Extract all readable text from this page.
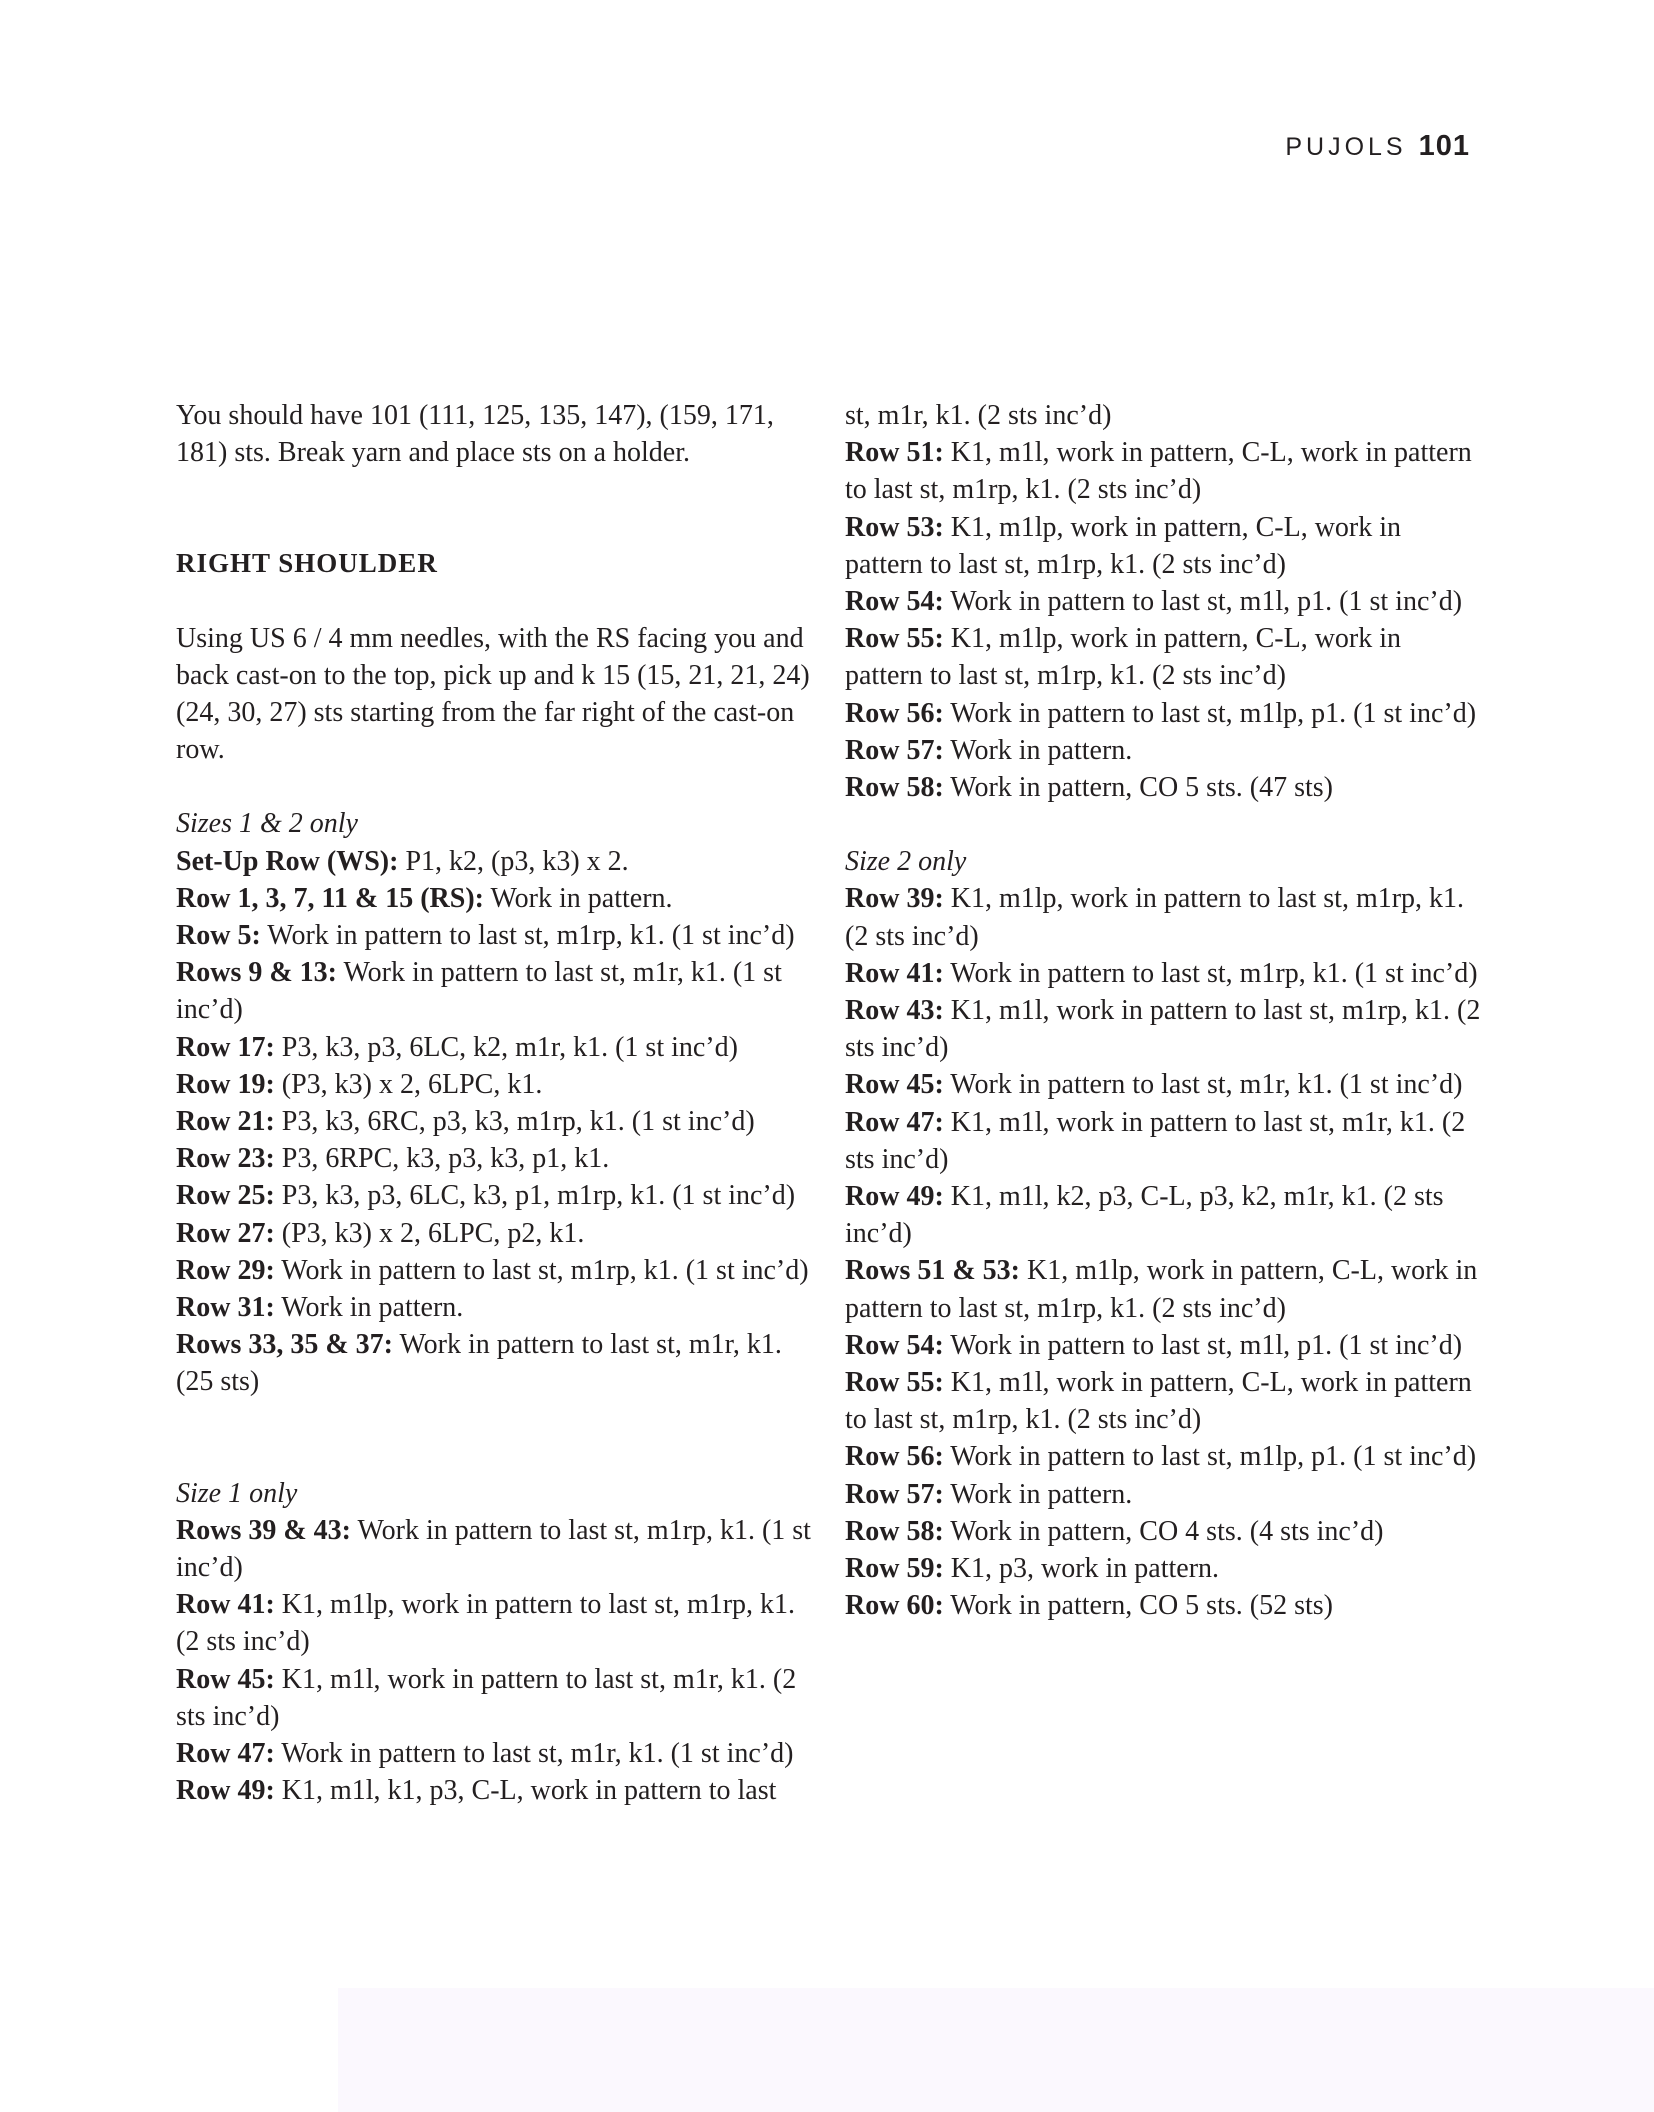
PUJOLS 101

You should have 101 (111, 125, 135, 147), (159, 171, 181) sts. Break yarn and place sts on a holder.

RIGHT SHOULDER

Using US 6 / 4 mm needles, with the RS facing you and back cast-on to the top, pick up and k 15 (15, 21, 21, 24) (24, 30, 27) sts starting from the far right of the cast-on row.

Sizes 1 & 2 only

Set-Up Row (WS): P1, k2, (p3, k3) x 2.

Row 1, 3, 7, 11 & 15 (RS): Work in pattern.

Row 5: Work in pattern to last st, m1rp, k1. (1 st inc’d)

Rows 9 & 13: Work in pattern to last st, m1r, k1. (1 st inc’d)

Row 17: P3, k3, p3, 6LC, k2, m1r, k1. (1 st inc’d)

Row 19: (P3, k3) x 2, 6LPC, k1.

Row 21: P3, k3, 6RC, p3, k3, m1rp, k1. (1 st inc’d)

Row 23: P3, 6RPC, k3, p3, k3, p1, k1.

Row 25: P3, k3, p3, 6LC, k3, p1, m1rp, k1. (1 st inc’d)

Row 27: (P3, k3) x 2, 6LPC, p2, k1.

Row 29: Work in pattern to last st, m1rp, k1. (1 st inc’d)

Row 31: Work in pattern.

Rows 33, 35 & 37: Work in pattern to last st, m1r, k1. (25 sts)

Size 1 only

Rows 39 & 43: Work in pattern to last st, m1rp, k1. (1 st inc’d)

Row 41: K1, m1lp, work in pattern to last st, m1rp, k1. (2 sts inc’d)

Row 45: K1, m1l, work in pattern to last st, m1r, k1. (2 sts inc’d)

Row 47: Work in pattern to last st, m1r, k1. (1 st inc’d)

Row 49: K1, m1l, k1, p3, C-L, work in pattern to last

st, m1r, k1. (2 sts inc’d)

Row 51: K1, m1l, work in pattern, C-L, work in pattern to last st, m1rp, k1. (2 sts inc’d)

Row 53: K1, m1lp, work in pattern, C-L, work in pattern to last st, m1rp, k1. (2 sts inc’d)

Row 54: Work in pattern to last st, m1l, p1. (1 st inc’d)

Row 55: K1, m1lp, work in pattern, C-L, work in pattern to last st, m1rp, k1. (2 sts inc’d)

Row 56: Work in pattern to last st, m1lp, p1. (1 st inc’d)

Row 57: Work in pattern.

Row 58: Work in pattern, CO 5 sts. (47 sts)

Size 2 only

Row 39: K1, m1lp, work in pattern to last st, m1rp, k1. (2 sts inc’d)

Row 41: Work in pattern to last st, m1rp, k1. (1 st inc’d)

Row 43: K1, m1l, work in pattern to last st, m1rp, k1. (2 sts inc’d)

Row 45: Work in pattern to last st, m1r, k1. (1 st inc’d)

Row 47: K1, m1l, work in pattern to last st, m1r, k1. (2 sts inc’d)

Row 49: K1, m1l, k2, p3, C-L, p3, k2, m1r, k1. (2 sts inc’d)

Rows 51 & 53: K1, m1lp, work in pattern, C-L, work in pattern to last st, m1rp, k1. (2 sts inc’d)

Row 54: Work in pattern to last st, m1l, p1. (1 st inc’d)

Row 55: K1, m1l, work in pattern, C-L, work in pattern to last st, m1rp, k1. (2 sts inc’d)

Row 56: Work in pattern to last st, m1lp, p1. (1 st inc’d)

Row 57: Work in pattern.

Row 58: Work in pattern, CO 4 sts. (4 sts inc’d)

Row 59: K1, p3, work in pattern.

Row 60: Work in pattern, CO 5 sts. (52 sts)
